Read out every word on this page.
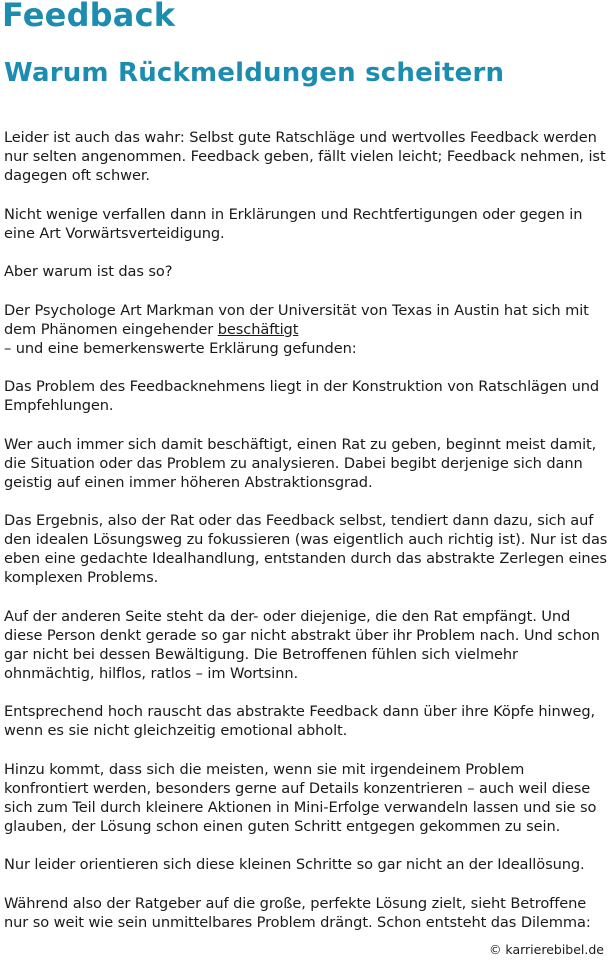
Feedback
Warum Rückmeldungen scheitern

Leider ist auch das wahr: Selbst gute Ratschläge und wertvolles Feedback werden nur selten angenommen. Feedback geben, fällt vielen leicht; Feedback nehmen, ist dagegen oft schwer.

Nicht wenige verfallen dann in Erklärungen und Rechtfertigungen oder gegen in eine Art Vorwärtsverteidigung.

Aber warum ist das so?

Der Psychologe Art Markman von der Universität von Texas in Austin hat sich mit dem Phänomen eingehender beschäftigt
– und eine bemerkenswerte Erklärung gefunden:

Das Problem des Feedbacknehmens liegt in der Konstruktion von Ratschlägen und Empfehlungen.

Wer auch immer sich damit beschäftigt, einen Rat zu geben, beginnt meist damit, die Situation oder das Problem zu analysieren. Dabei begibt derjenige sich dann geistig auf einen immer höheren Abstraktionsgrad.

Das Ergebnis, also der Rat oder das Feedback selbst, tendiert dann dazu, sich auf den idealen Lösungsweg zu fokussieren (was eigentlich auch richtig ist). Nur ist das eben eine gedachte Idealhandlung, entstanden durch das abstrakte Zerlegen eines komplexen Problems.

Auf der anderen Seite steht da der- oder diejenige, die den Rat empfängt. Und diese Person denkt gerade so gar nicht abstrakt über ihr Problem nach. Und schon gar nicht bei dessen Bewältigung. Die Betroffenen fühlen sich vielmehr ohnmächtig, hilflos, ratlos – im Wortsinn.

Entsprechend hoch rauscht das abstrakte Feedback dann über ihre Köpfe hinweg, wenn es sie nicht gleichzeitig emotional abholt.

Hinzu kommt, dass sich die meisten, wenn sie mit irgendeinem Problem konfrontiert werden, besonders gerne auf Details konzentrieren – auch weil diese sich zum Teil durch kleinere Aktionen in Mini-Erfolge verwandeln lassen und sie so glauben, der Lösung schon einen guten Schritt entgegen gekommen zu sein.

Nur leider orientieren sich diese kleinen Schritte so gar nicht an der Ideallösung.

Während also der Ratgeber auf die große, perfekte Lösung zielt, sieht Betroffene nur so weit wie sein unmittelbares Problem drängt. Schon entsteht das Dilemma:

© karrierebibel.de
